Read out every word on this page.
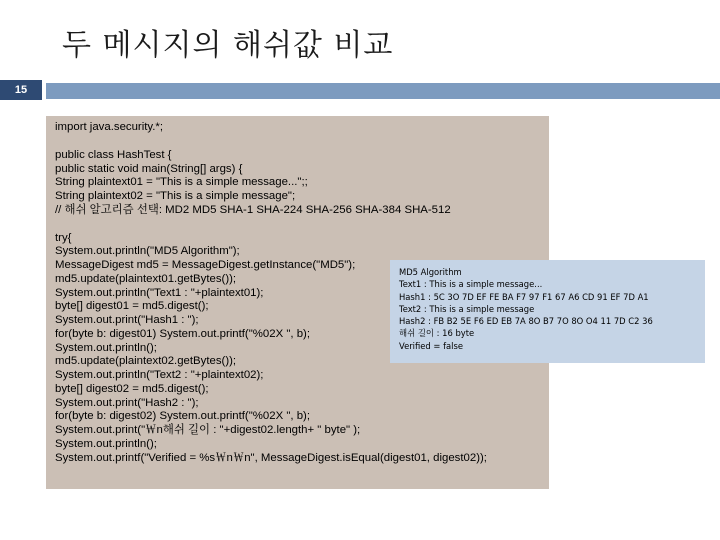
두 메시지의 해쉬값 비교
15
import java.security.*;
public class HashTest {
public static void main(String[] args) {
String plaintext01 = "This is a simple message...";;
String plaintext02 = "This is a simple message";
// 해쉬 알고리즘 선택: MD2 MD5 SHA-1 SHA-224 SHA-256 SHA-384 SHA-512
try{
System.out.println("MD5 Algorithm");
MessageDigest md5 = MessageDigest.getInstance("MD5");
md5.update(plaintext01.getBytes());
System.out.println("Text1 : "+plaintext01);
byte[] digest01 = md5.digest();
System.out.print("Hash1 : ");
for(byte b: digest01) System.out.printf("%02X ", b);
System.out.println();
md5.update(plaintext02.getBytes());
System.out.println("Text2 : "+plaintext02);
byte[] digest02 = md5.digest();
System.out.print("Hash2 : ");
for(byte b: digest02) System.out.printf("%02X ", b);
System.out.print("￦n해쉬 길이 : "+digest02.length+ " byte" );
System.out.println();
System.out.printf("Verified = %s￦n￦n", MessageDigest.isEqual(digest01, digest02));
MD5 Algorithm
Text1 : This is a simple message...
Hash1 : 5C 3O 7D EF FE BA F7 97 F1 67 A6 CD 91 EF 7D A1
Text2 : This is a simple message
Hash2 : FB B2 5E F6 ED EB 7A 8O B7 7O 8O O4 11 7D C2 36
해쉬 길이 : 16 byte
Verified = false
